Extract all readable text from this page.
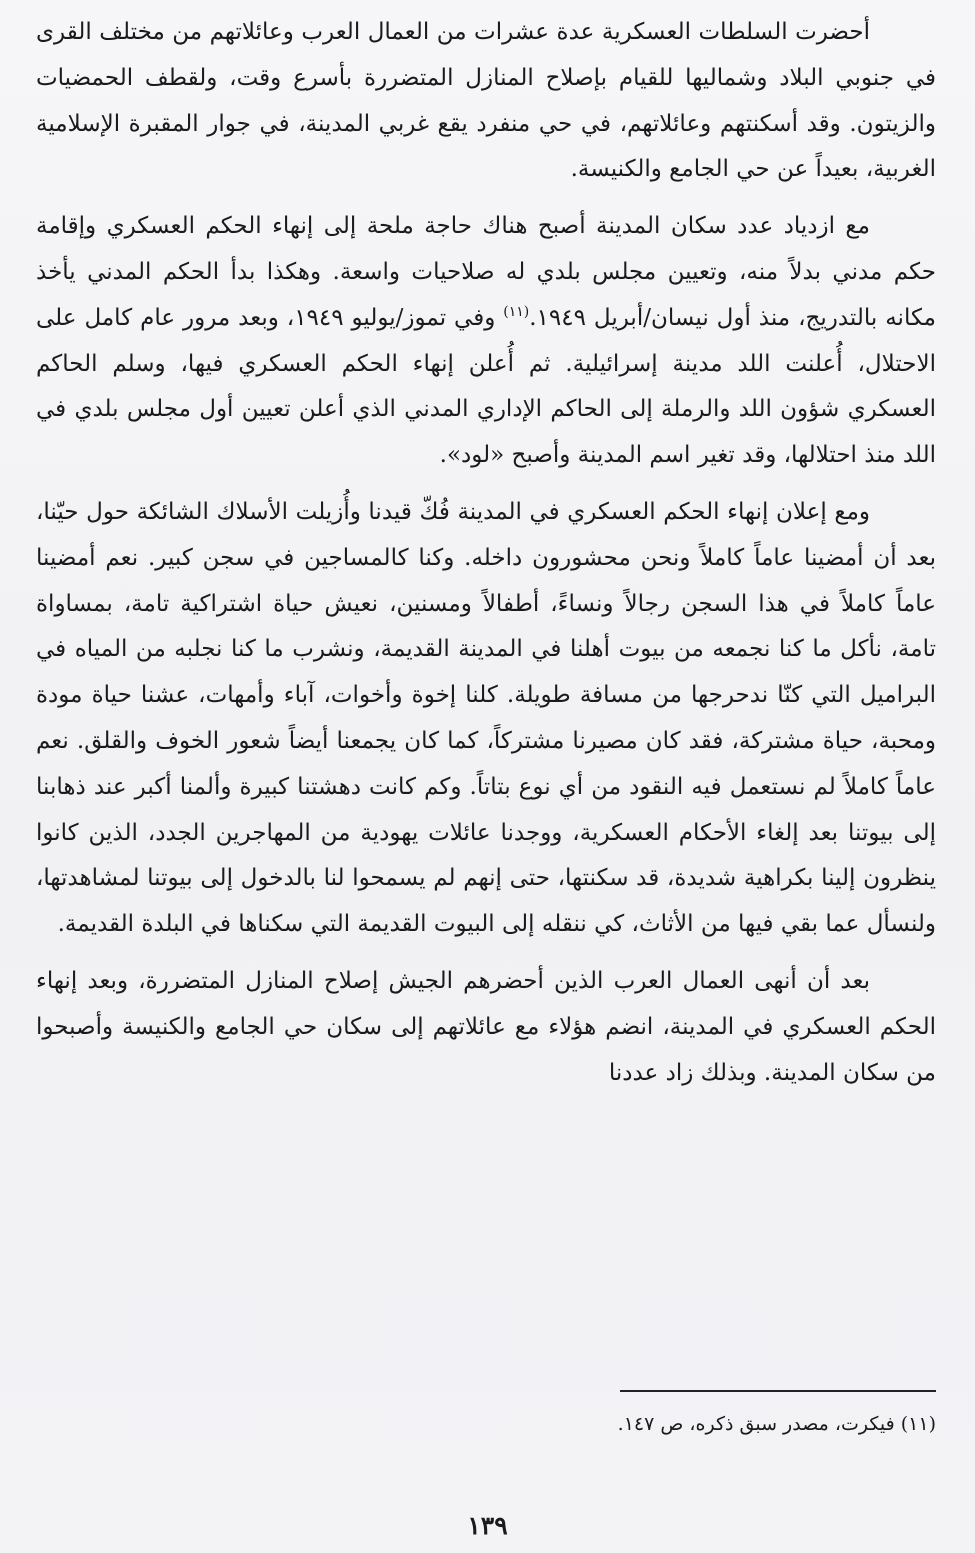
أحضرت السلطات العسكرية عدة عشرات من العمال العرب وعائلاتهم من مختلف القرى في جنوبي البلاد وشماليها للقيام بإصلاح المنازل المتضررة بأسرع وقت، ولقطف الحمضيات والزيتون. وقد أسكنتهم وعائلاتهم، في حي منفرد يقع غربي المدينة، في جوار المقبرة الإسلامية الغربية، بعيداً عن حي الجامع والكنيسة.

مع ازدياد عدد سكان المدينة أصبح هناك حاجة ملحة إلى إنهاء الحكم العسكري وإقامة حكم مدني بدلاً منه، وتعيين مجلس بلدي له صلاحيات واسعة. وهكذا بدأ الحكم المدني يأخذ مكانه بالتدريج، منذ أول نيسان/أبريل ١٩٤٩.$^{(١١)}$ وفي تموز/يوليو ١٩٤٩، وبعد مرور عام كامل على الاحتلال، أُعلنت اللد مدينة إسرائيلية. ثم أُعلن إنهاء الحكم العسكري فيها، وسلم الحاكم العسكري شؤون اللد والرملة إلى الحاكم الإداري المدني الذي أعلن تعيين أول مجلس بلدي في اللد منذ احتلالها، وقد تغير اسم المدينة وأصبح «لود».

ومع إعلان إنهاء الحكم العسكري في المدينة فُكّ قيدنا وأُزيلت الأسلاك الشائكة حول حيّنا، بعد أن أمضينا عاماً كاملاً ونحن محشورون داخله. وكنا كالمساجين في سجن كبير. نعم أمضينا عاماً كاملاً في هذا السجن رجالاً ونساءً، أطفالاً ومسنين، نعيش حياة اشتراكية تامة، بمساواة تامة، نأكل ما كنا نجمعه من بيوت أهلنا في المدينة القديمة، ونشرب ما كنا نجلبه من المياه في البراميل التي كنّا ندحرجها من مسافة طويلة. كلنا إخوة وأخوات، آباء وأمهات، عشنا حياة مودة ومحبة، حياة مشتركة، فقد كان مصيرنا مشتركاً، كما كان يجمعنا أيضاً شعور الخوف والقلق. نعم عاماً كاملاً لم نستعمل فيه النقود من أي نوع بتاتاً. وكم كانت دهشتنا كبيرة وألمنا أكبر عند ذهابنا إلى بيوتنا بعد إلغاء الأحكام العسكرية، ووجدنا عائلات يهودية من المهاجرين الجدد، الذين كانوا ينظرون إلينا بكراهية شديدة، قد سكنتها، حتى إنهم لم يسمحوا لنا بالدخول إلى بيوتنا لمشاهدتها، ولنسأل عما بقي فيها من الأثاث، كي ننقله إلى البيوت القديمة التي سكناها في البلدة القديمة.

بعد أن أنهى العمال العرب الذين أحضرهم الجيش إصلاح المنازل المتضررة، وبعد إنهاء الحكم العسكري في المدينة، انضم هؤلاء مع عائلاتهم إلى سكان حي الجامع والكنيسة وأصبحوا من سكان المدينة. وبذلك زاد عددنا

(١١) فيكرت، مصدر سبق ذكره، ص ١٤٧.
١٣٩
